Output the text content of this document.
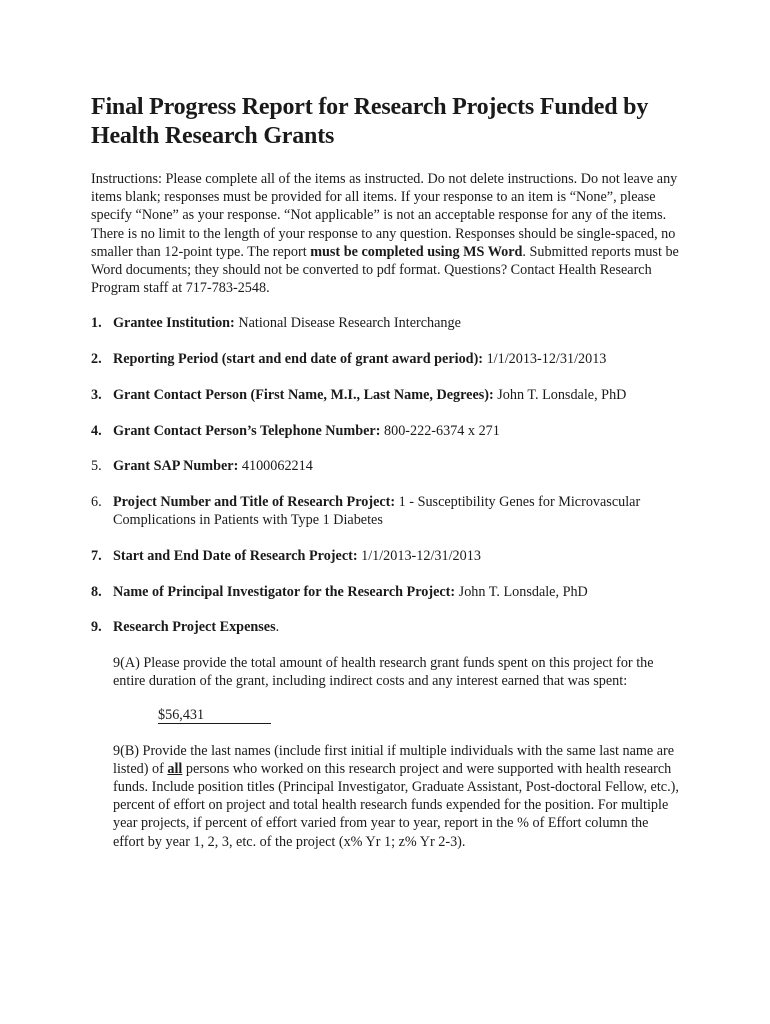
Final Progress Report for Research Projects Funded by Health Research Grants

Instructions: Please complete all of the items as instructed. Do not delete instructions. Do not leave any items blank; responses must be provided for all items. If your response to an item is “None”, please specify “None” as your response. “Not applicable” is not an acceptable response for any of the items. There is no limit to the length of your response to any question. Responses should be single-spaced, no smaller than 12-point type. The report must be completed using MS Word. Submitted reports must be Word documents; they should not be converted to pdf format. Questions? Contact Health Research Program staff at 717-783-2548.

1. Grantee Institution: National Disease Research Interchange
2. Reporting Period (start and end date of grant award period): 1/1/2013-12/31/2013
3. Grant Contact Person (First Name, M.I., Last Name, Degrees): John T. Lonsdale, PhD
4. Grant Contact Person’s Telephone Number: 800-222-6374 x 271
5. Grant SAP Number: 4100062214
6. Project Number and Title of Research Project: 1 - Susceptibility Genes for Microvascular Complications in Patients with Type 1 Diabetes
7. Start and End Date of Research Project: 1/1/2013-12/31/2013
8. Name of Principal Investigator for the Research Project: John T. Lonsdale, PhD
9. Research Project Expenses.

9(A) Please provide the total amount of health research grant funds spent on this project for the entire duration of the grant, including indirect costs and any interest earned that was spent:

$56,431

9(B) Provide the last names (include first initial if multiple individuals with the same last name are listed) of all persons who worked on this research project and were supported with health research funds. Include position titles (Principal Investigator, Graduate Assistant, Post-doctoral Fellow, etc.), percent of effort on project and total health research funds expended for the position. For multiple year projects, if percent of effort varied from year to year, report in the % of Effort column the effort by year 1, 2, 3, etc. of the project (x% Yr 1; z% Yr 2-3).
